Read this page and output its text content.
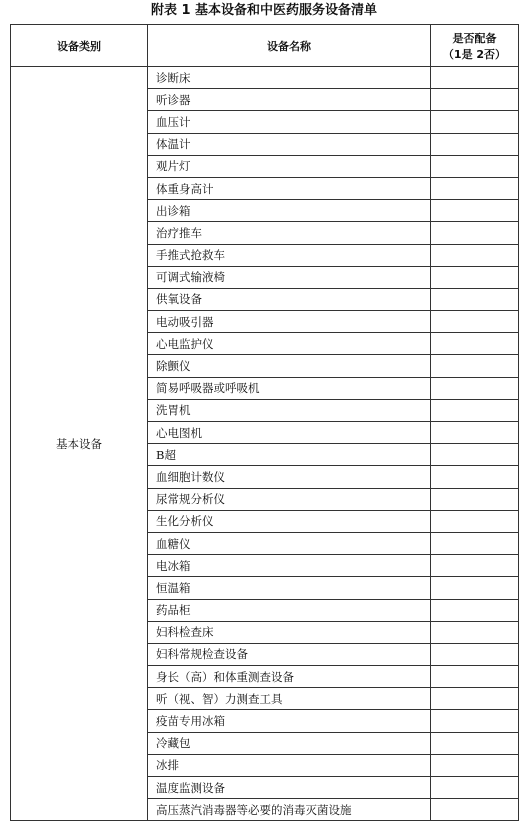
附表 1 基本设备和中医药服务设备清单
设备类别	设备名称	是否配备
（1是 2否）

基本设备	诊断床	
	听诊器	
	血压计	
	体温计	
	观片灯	
	体重身高计	
	出诊箱	
	治疗推车	
	手推式抢救车	
	可调式输液椅	
	供氧设备	
	电动吸引器	
	心电监护仪	
	除颤仪	
	简易呼吸器或呼吸机	
	洗胃机	
	心电图机	
	B超	
	血细胞计数仪	
	尿常规分析仪	
	生化分析仪	
	血糖仪	
	电冰箱	
	恒温箱	
	药品柜	
	妇科检查床	
	妇科常规检查设备	
	身长（高）和体重测查设备	
	听（视、智）力测查工具	
	疫苗专用冰箱	
	冷藏包	
	冰排	
	温度监测设备	
	高压蒸汽消毒器等必要的消毒灭菌设施	
